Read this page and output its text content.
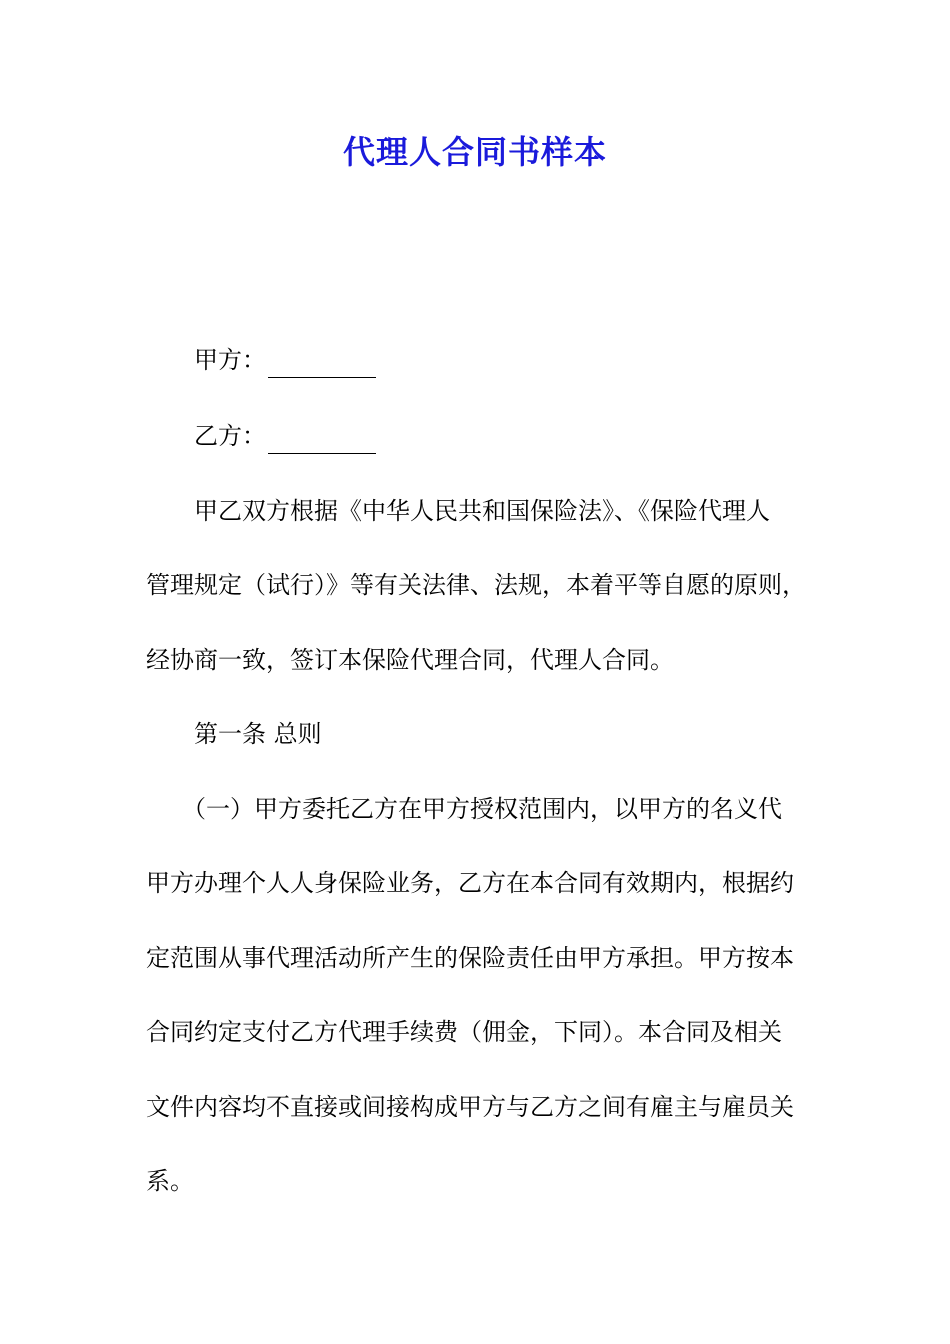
代理人合同书样本
甲方：
乙方：
甲乙双方根据《中华人民共和国保险法》、《保险代理人
管理规定（试行）》等有关法律、法规，本着平等自愿的原则，
经协商一致，签订本保险代理合同，代理人合同。
第一条 总则
（一）甲方委托乙方在甲方授权范围内，以甲方的名义代
甲方办理个人人身保险业务，乙方在本合同有效期内，根据约
定范围从事代理活动所产生的保险责任由甲方承担。甲方按本
合同约定支付乙方代理手续费（佣金，下同）。本合同及相关
文件内容均不直接或间接构成甲方与乙方之间有雇主与雇员关
系。
